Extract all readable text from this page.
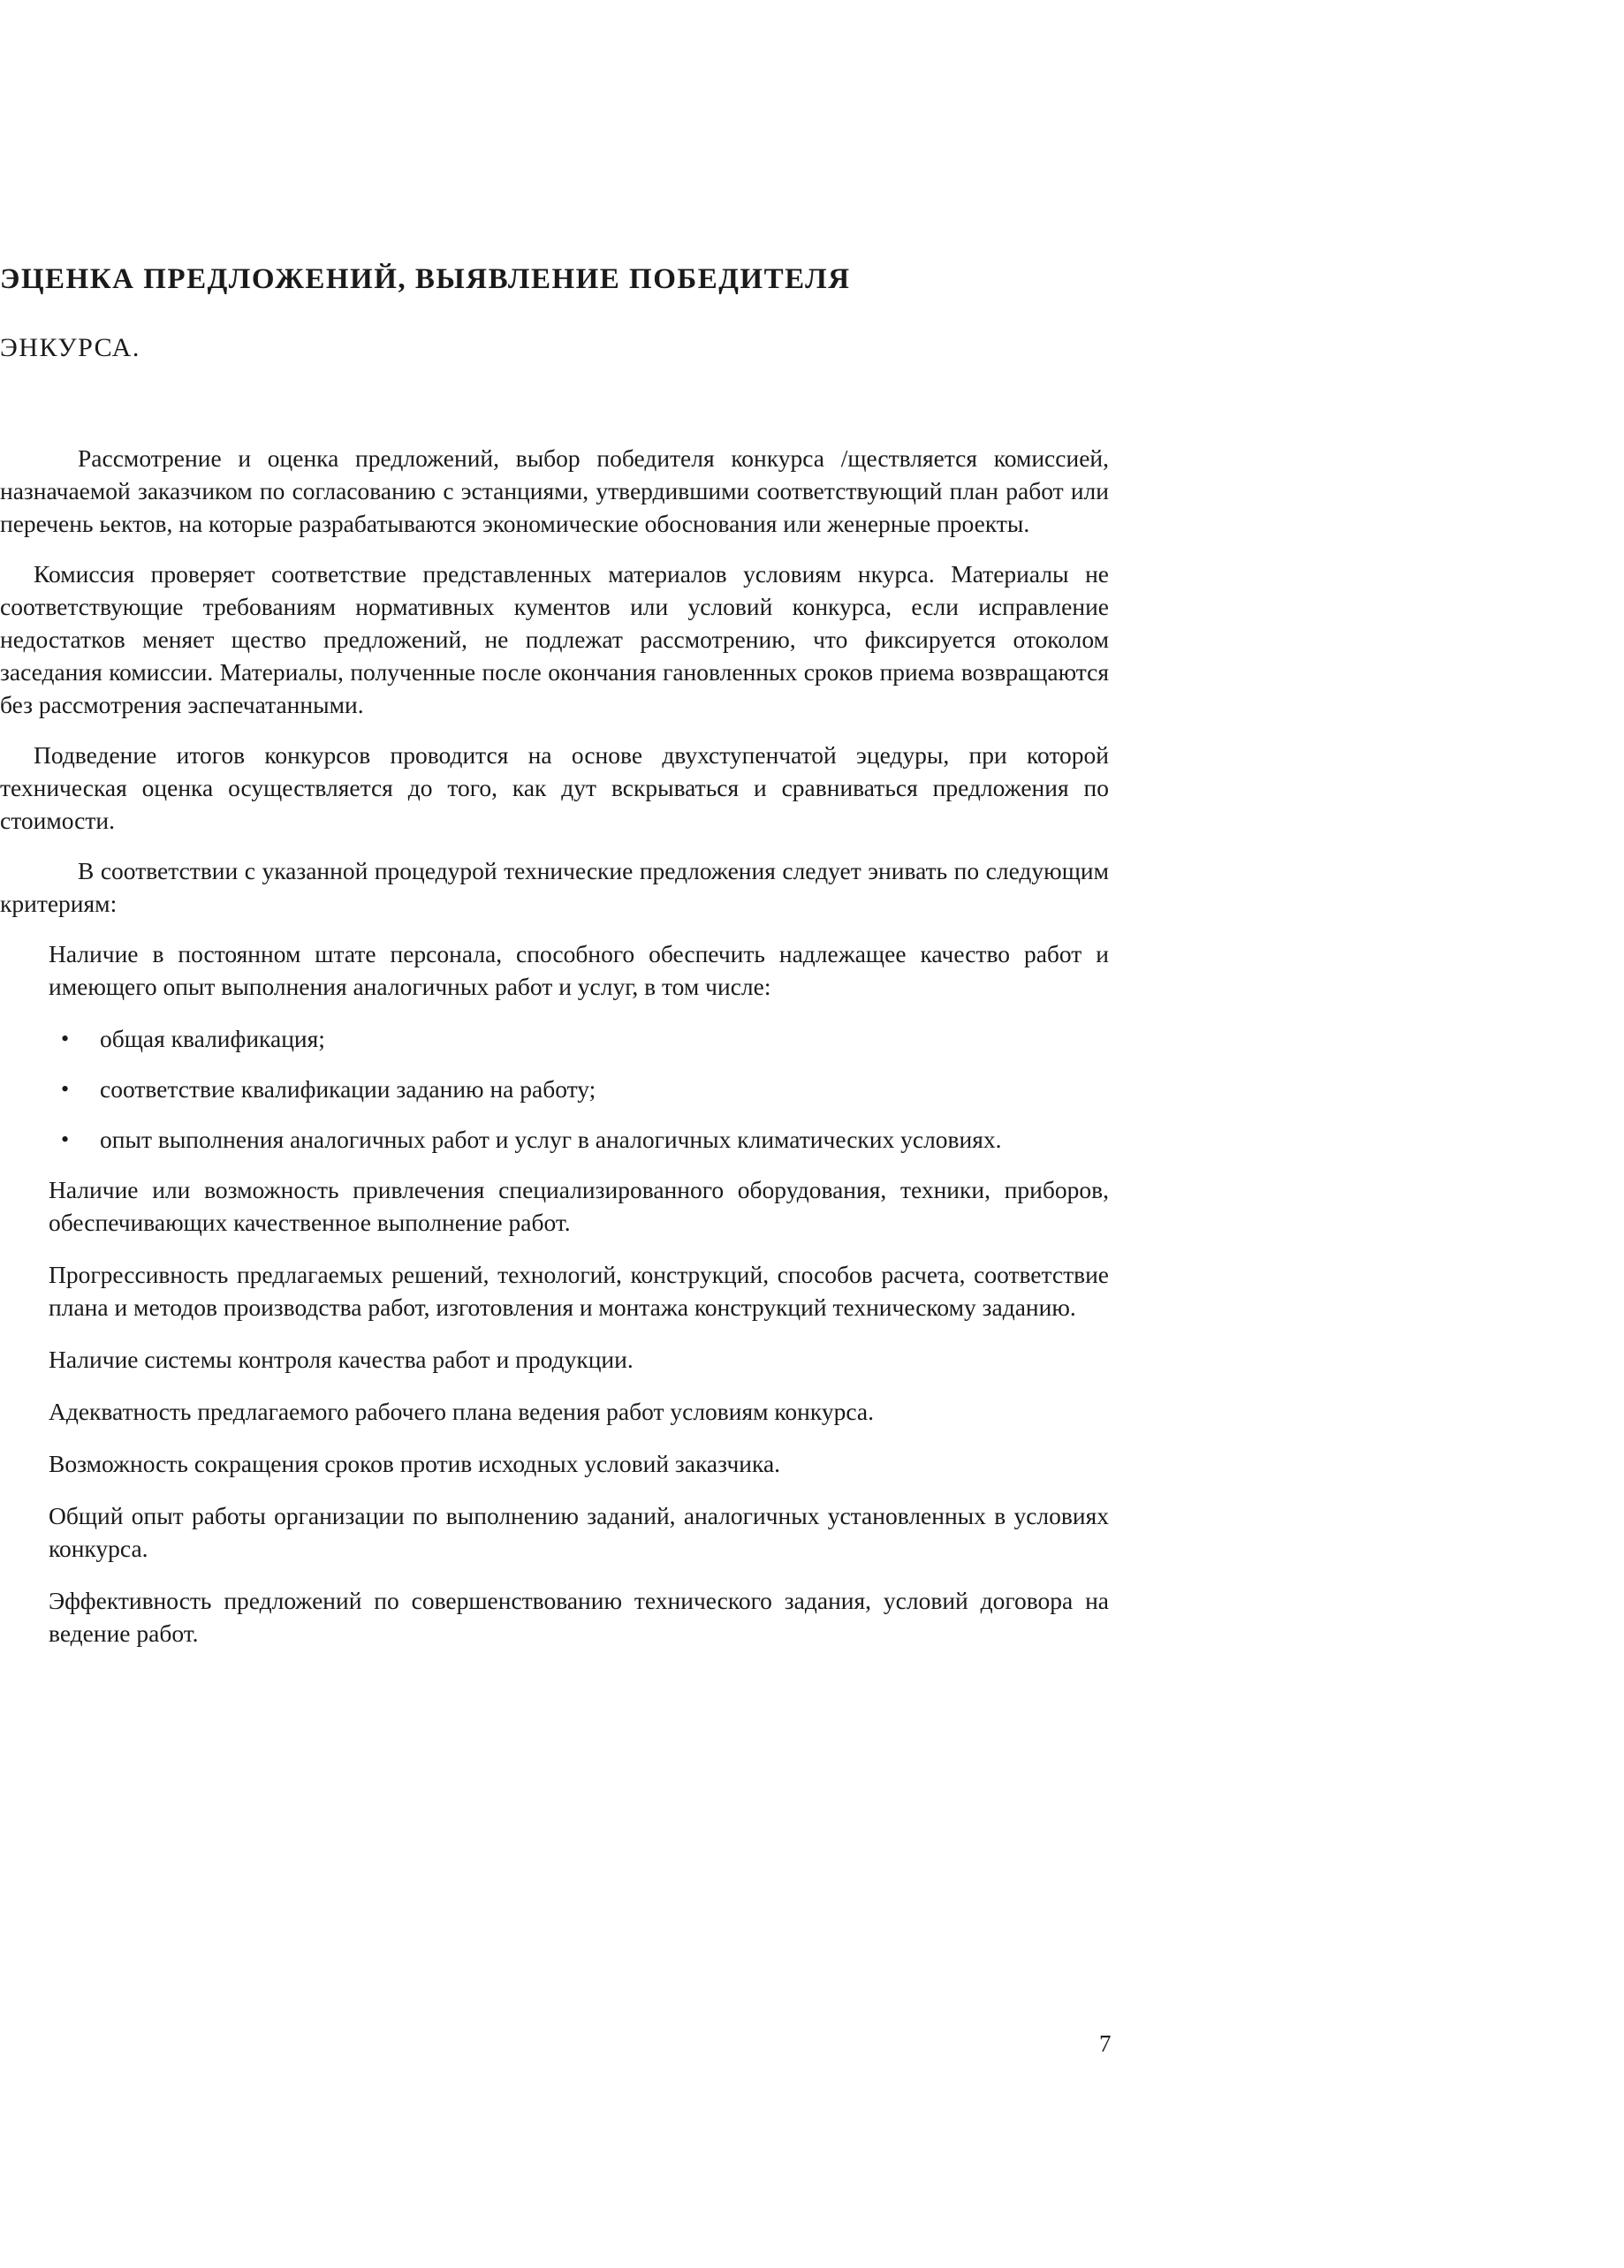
ЭЦЕНКА ПРЕДЛОЖЕНИЙ, ВЫЯВЛЕНИЕ ПОБЕДИТЕЛЯ
ЭНКУРСА.

Рассмотрение и оценка предложений, выбор победителя конкурса /ществляется комиссией, назначаемой заказчиком по согласованию с эстанциями, утвердившими соответствующий план работ или перечень ьектов, на которые разрабатываются экономические обоснования или женерные проекты.

Комиссия проверяет соответствие представленных материалов условиям нкурса. Материалы не соответствующие требованиям нормативных кументов или условий конкурса, если исправление недостатков меняет щество предложений, не подлежат рассмотрению, что фиксируется отоколом заседания комиссии. Материалы, полученные после окончания гановленных сроков приема возвращаются без рассмотрения эаспечатанными.

Подведение итогов конкурсов проводится на основе двухступенчатой эцедуры, при которой техническая оценка осуществляется до того, как дут вскрываться и сравниваться предложения по стоимости.

В соответствии с указанной процедурой технические предложения следует энивать по следующим критериям:

Наличие в постоянном штате персонала, способного обеспечить надлежащее качество работ и имеющего опыт выполнения аналогичных работ и услуг, в том числе:

• общая квалификация;
• соответствие квалификации заданию на работу;
• опыт выполнения аналогичных работ и услуг в аналогичных климатических условиях.

Наличие или возможность привлечения специализированного оборудования, техники, приборов, обеспечивающих качественное выполнение работ.

Прогрессивность предлагаемых решений, технологий, конструкций, способов расчета, соответствие плана и методов производства работ, изготовления и монтажа конструкций техническому заданию.

Наличие системы контроля качества работ и продукции.

Адекватность предлагаемого рабочего плана ведения работ условиям конкурса.

Возможность сокращения сроков против исходных условий заказчика.

Общий опыт работы организации по выполнению заданий, аналогичных установленных в условиях конкурса.

Эффективность предложений по совершенствованию технического задания, условий договора на ведение работ.

7
